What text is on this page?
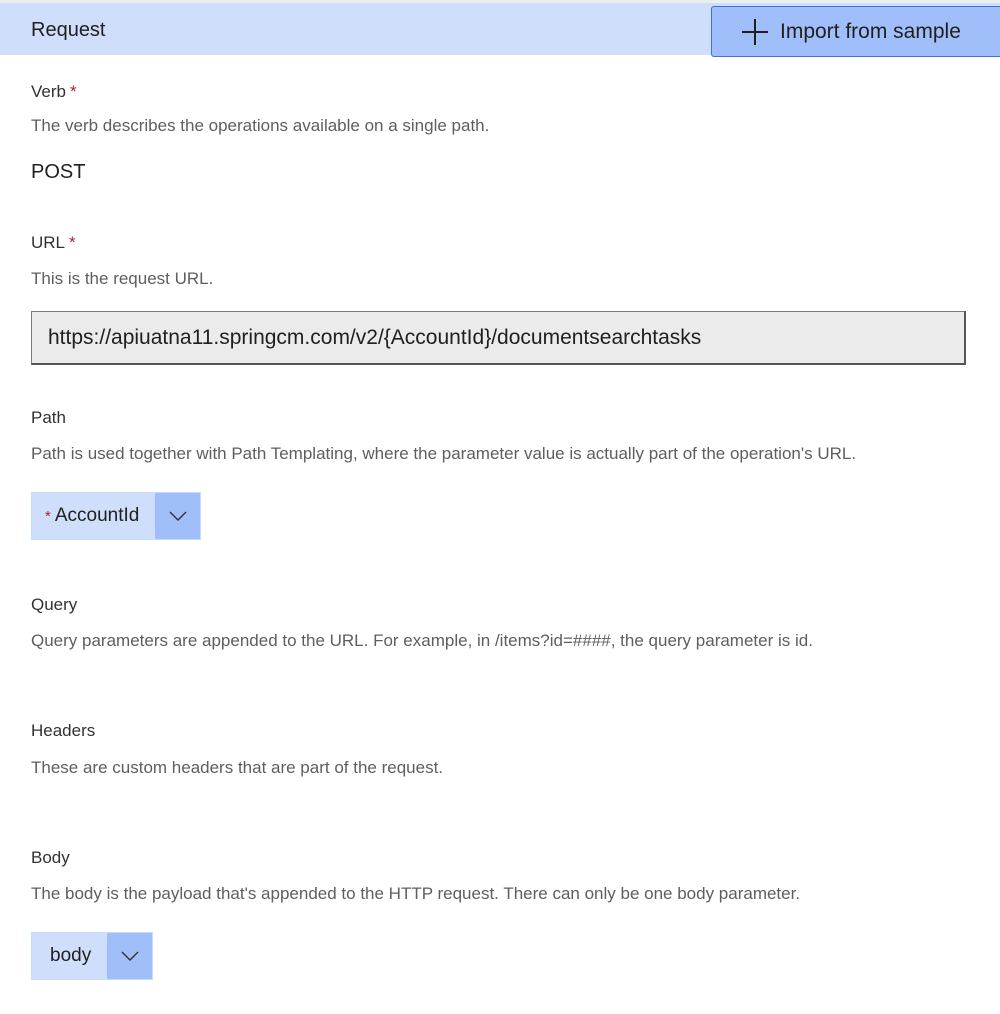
Request	Import from sample
Verb *
The verb describes the operations available on a single path.
POST
URL *
This is the request URL.
https://apiuatna11.springcm.com/v2/{AccountId}/documentsearchtasks
Path
Path is used together with Path Templating, where the parameter value is actually part of the operation's URL.
* AccountId
Query
Query parameters are appended to the URL. For example, in /items?id=####, the query parameter is id.
Headers
These are custom headers that are part of the request.
Body
The body is the payload that's appended to the HTTP request. There can only be one body parameter.
body
